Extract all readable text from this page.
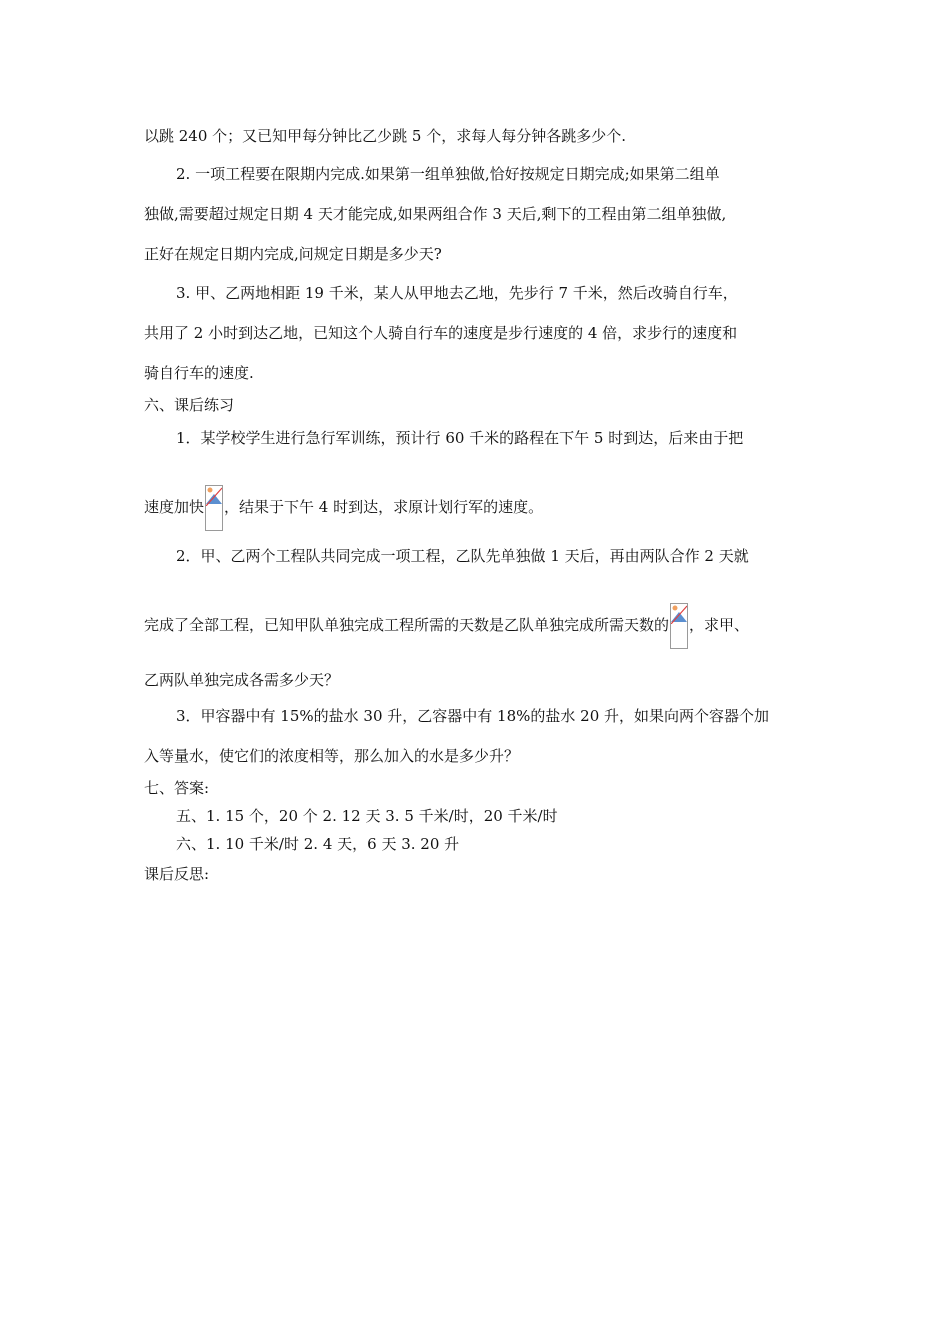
以跳 240 个；又已知甲每分钟比乙少跳 5 个，求每人每分钟各跳多少个.
2. 一项工程要在限期内完成.如果第一组单独做,恰好按规定日期完成;如果第二组单
独做,需要超过规定日期 4 天才能完成,如果两组合作 3 天后,剩下的工程由第二组单独做,
正好在规定日期内完成,问规定日期是多少天?
3. 甲、乙两地相距 19 千米，某人从甲地去乙地，先步行 7 千米，然后改骑自行车，
共用了 2 小时到达乙地，已知这个人骑自行车的速度是步行速度的 4 倍，求步行的速度和
骑自行车的速度.
六、课后练习
1．某学校学生进行急行军训练，预计行 60 千米的路程在下午 5 时到达，后来由于把
速度加快 ，结果于下午 4 时到达，求原计划行军的速度。
2．甲、乙两个工程队共同完成一项工程，乙队先单独做 1 天后，再由两队合作 2 天就
完成了全部工程，已知甲队单独完成工程所需的天数是乙队单独完成所需天数的 ，求甲、
乙两队单独完成各需多少天？
3．甲容器中有 15%的盐水 30 升，乙容器中有 18%的盐水 20 升，如果向两个容器个加
入等量水，使它们的浓度相等，那么加入的水是多少升？
七、答案:
五、1. 15 个，20 个 2. 12 天 3. 5 千米/时，20 千米/时
六、1. 10 千米/时 2. 4 天，6 天 3. 20 升
课后反思:
